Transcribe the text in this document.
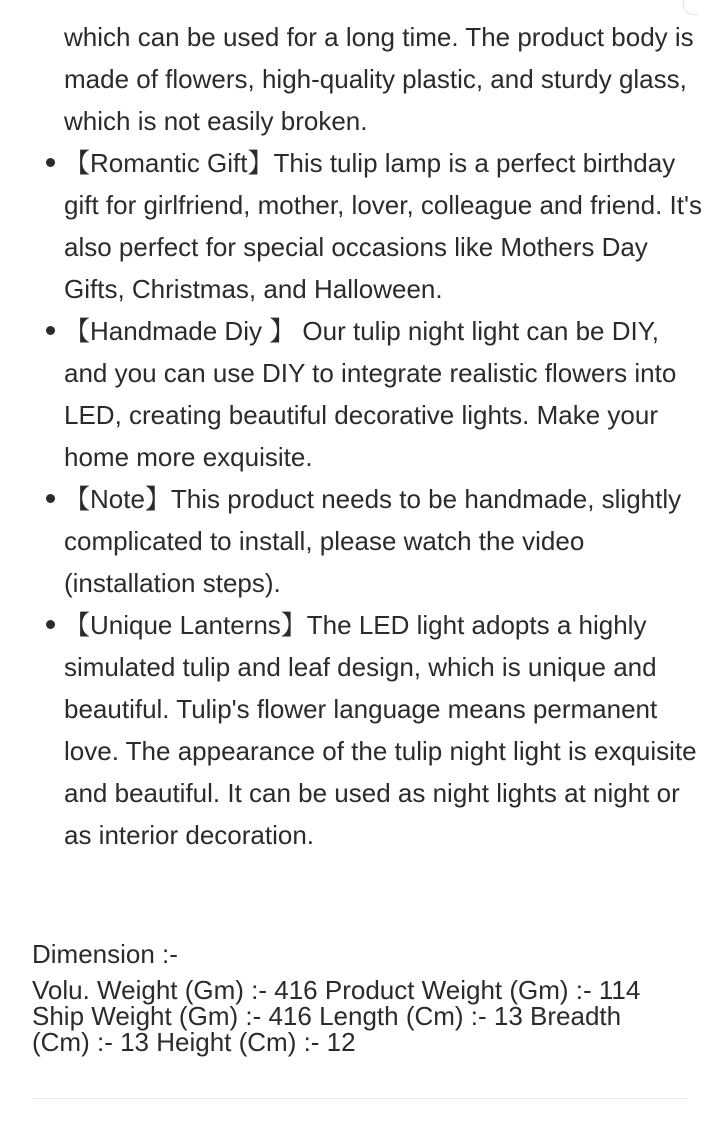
which can be used for a long time. The product body is made of flowers, high-quality plastic, and sturdy glass, which is not easily broken.
【Romantic Gift】This tulip lamp is a perfect birthday gift for girlfriend, mother, lover, colleague and friend. It's also perfect for special occasions like Mothers Day Gifts, Christmas, and Halloween.
【Handmade Diy 】 Our tulip night light can be DIY, and you can use DIY to integrate realistic flowers into LED, creating beautiful decorative lights. Make your home more exquisite.
【Note】This product needs to be handmade, slightly complicated to install, please watch the video (installation steps).
【Unique Lanterns】The LED light adopts a highly simulated tulip and leaf design, which is unique and beautiful. Tulip's flower language means permanent love. The appearance of the tulip night light is exquisite and beautiful. It can be used as night lights at night or as interior decoration.
Dimension :-

Volu. Weight (Gm) :- 416 Product Weight (Gm) :- 114 Ship Weight (Gm) :- 416 Length (Cm) :- 13 Breadth (Cm) :- 13 Height (Cm) :- 12
